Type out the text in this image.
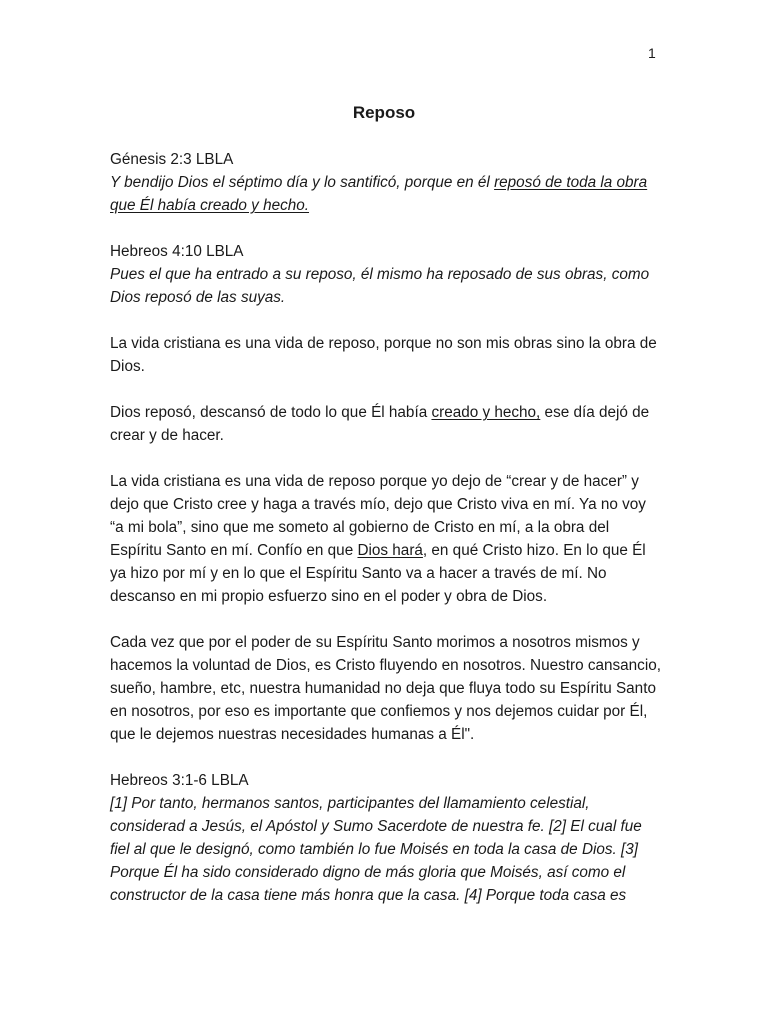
1
Reposo

Génesis 2:3 LBLA
Y bendijo Dios el séptimo día y lo santificó, porque en él reposó de toda la obra que Él había creado y hecho.

Hebreos 4:10 LBLA
Pues el que ha entrado a su reposo, él mismo ha reposado de sus obras, como Dios reposó de las suyas.

La vida cristiana es una vida de reposo, porque no son mis obras sino la obra de Dios.

Dios reposó, descansó de todo lo que Él había creado y hecho, ese día dejó de crear y de hacer.

La vida cristiana es una vida de reposo porque yo dejo de “crear y de hacer” y dejo que Cristo cree y haga a través mío, dejo que Cristo viva en mí. Ya no voy “a mi bola”, sino que me someto al gobierno de Cristo en mí, a la obra del Espíritu Santo en mí. Confío en que Dios hará, en qué Cristo hizo. En lo que Él ya hizo por mí y en lo que el Espíritu Santo va a hacer a través de mí. No descanso en mi propio esfuerzo sino en el poder y obra de Dios.

Cada vez que por el poder de su Espíritu Santo morimos a nosotros mismos y hacemos la voluntad de Dios, es Cristo fluyendo en nosotros. Nuestro cansancio, sueño, hambre, etc, nuestra humanidad no deja que fluya todo su Espíritu Santo en nosotros, por eso es importante que confiemos y nos dejemos cuidar por Él, que le dejemos nuestras necesidades humanas a Él".

Hebreos 3:1-6 LBLA
[1] Por tanto, hermanos santos, participantes del llamamiento celestial, considerad a Jesús, el Apóstol y Sumo Sacerdote de nuestra fe. [2] El cual fue fiel al que le designó, como también lo fue Moisés en toda la casa de Dios. [3] Porque Él ha sido considerado digno de más gloria que Moisés, así como el constructor de la casa tiene más honra que la casa. [4] Porque toda casa es
